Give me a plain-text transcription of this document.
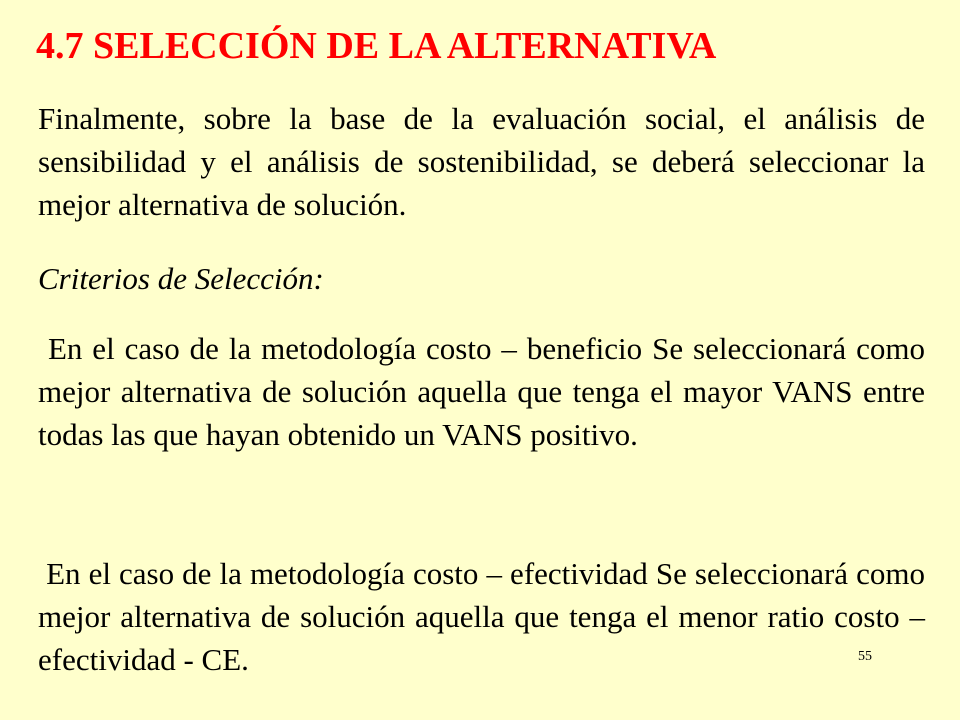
4.7 SELECCIÓN DE LA ALTERNATIVA

Finalmente, sobre la base de la evaluación social, el análisis de sensibilidad y el análisis de sostenibilidad, se deberá seleccionar la mejor alternativa de solución.

Criterios de Selección:

En el caso de la metodología costo – beneficio Se seleccionará como mejor alternativa de solución aquella que tenga el mayor VANS entre todas las que hayan obtenido un VANS positivo.

En el caso de la metodología costo – efectividad Se seleccionará como mejor alternativa de solución aquella que tenga el menor ratio costo – efectividad - CE.	55
